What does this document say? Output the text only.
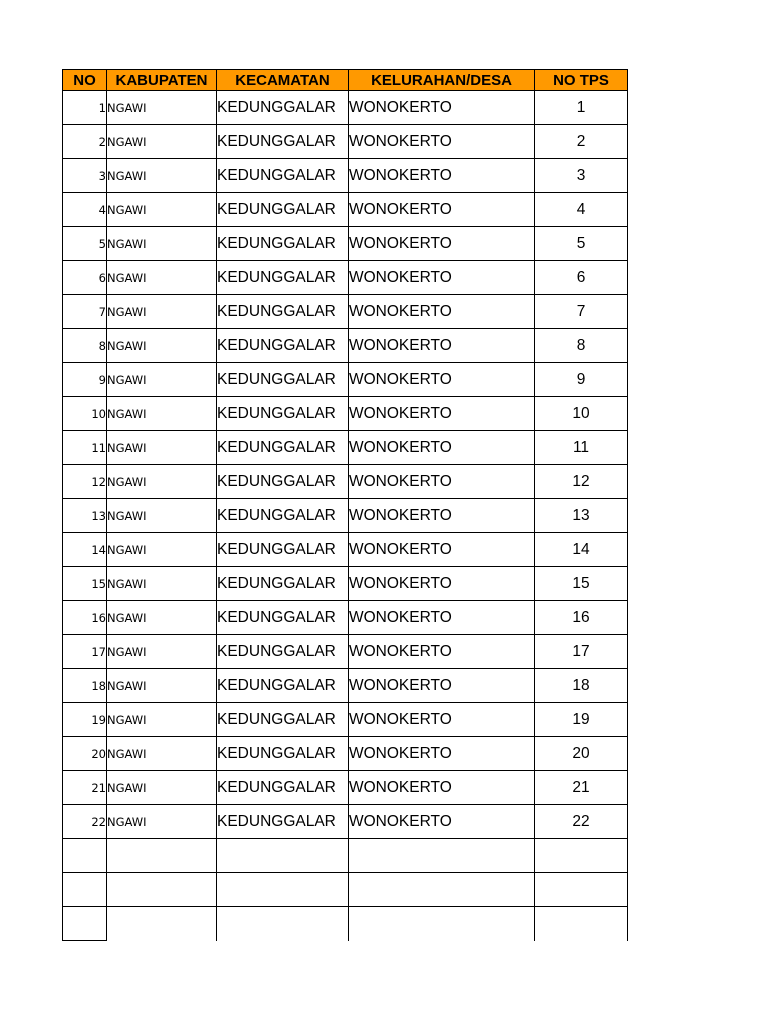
NO	KABUPATEN	KECAMATAN	KELURAHAN/DESA	NO TPS
1	NGAWI	KEDUNGGALAR	WONOKERTO	1
2	NGAWI	KEDUNGGALAR	WONOKERTO	2
3	NGAWI	KEDUNGGALAR	WONOKERTO	3
4	NGAWI	KEDUNGGALAR	WONOKERTO	4
5	NGAWI	KEDUNGGALAR	WONOKERTO	5
6	NGAWI	KEDUNGGALAR	WONOKERTO	6
7	NGAWI	KEDUNGGALAR	WONOKERTO	7
8	NGAWI	KEDUNGGALAR	WONOKERTO	8
9	NGAWI	KEDUNGGALAR	WONOKERTO	9
10	NGAWI	KEDUNGGALAR	WONOKERTO	10
11	NGAWI	KEDUNGGALAR	WONOKERTO	11
12	NGAWI	KEDUNGGALAR	WONOKERTO	12
13	NGAWI	KEDUNGGALAR	WONOKERTO	13
14	NGAWI	KEDUNGGALAR	WONOKERTO	14
15	NGAWI	KEDUNGGALAR	WONOKERTO	15
16	NGAWI	KEDUNGGALAR	WONOKERTO	16
17	NGAWI	KEDUNGGALAR	WONOKERTO	17
18	NGAWI	KEDUNGGALAR	WONOKERTO	18
19	NGAWI	KEDUNGGALAR	WONOKERTO	19
20	NGAWI	KEDUNGGALAR	WONOKERTO	20
21	NGAWI	KEDUNGGALAR	WONOKERTO	21
22	NGAWI	KEDUNGGALAR	WONOKERTO	22
